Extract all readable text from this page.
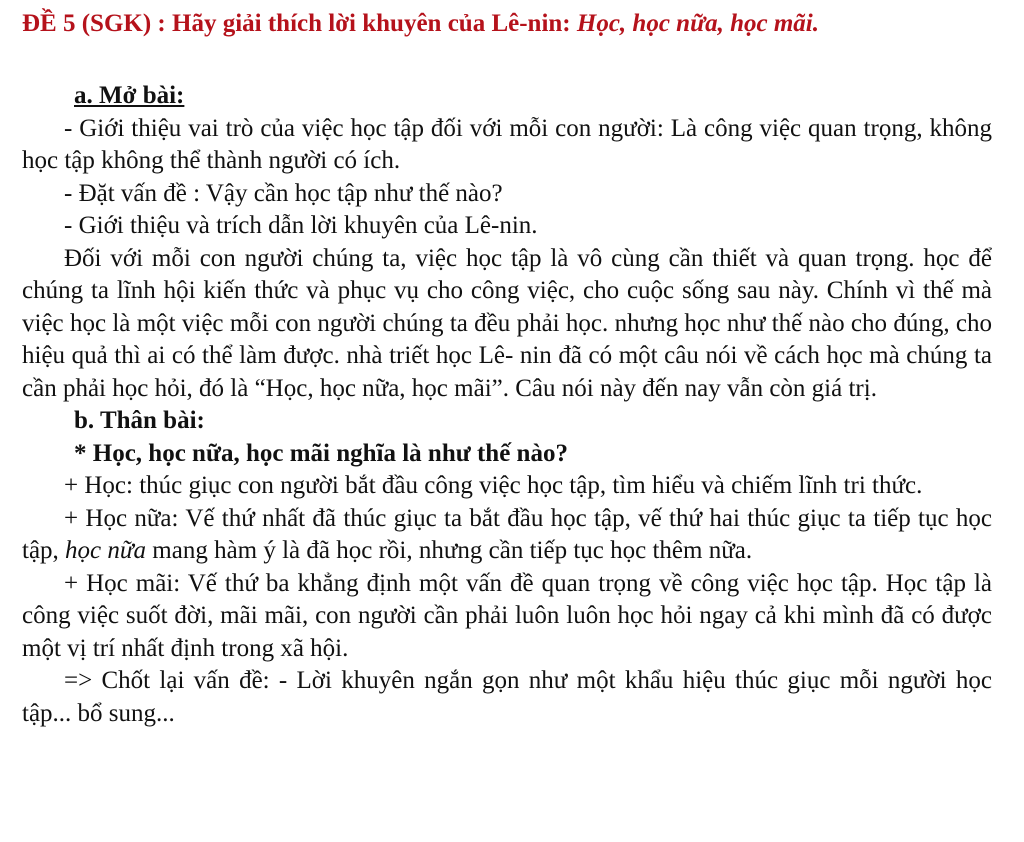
ĐỀ 5 (SGK) : Hãy giải thích lời khuyên của Lê-nin: Học, học nữa, học mãi.

a. Mở bài:

- Giới thiệu vai trò của việc học tập đối với mỗi con người: Là công việc quan trọng, không học tập không thể thành người có ích.

- Đặt vấn đề : Vậy cần học tập như thế nào?

- Giới thiệu và trích dẫn lời khuyên của Lê-nin.

Đối với mỗi con người chúng ta, việc học tập là vô cùng cần thiết và quan trọng. học để chúng ta lĩnh hội kiến thức và phục vụ cho công việc, cho cuộc sống sau này. Chính vì thế mà việc học là một việc mỗi con người chúng ta đều phải học. nhưng học như thế nào cho đúng, cho hiệu quả thì ai có thể làm được. nhà triết học Lê- nin đã có một câu nói về cách học mà chúng ta cần phải học hỏi, đó là “Học, học nữa, học mãi”. Câu nói này đến nay vẫn còn giá trị.

b. Thân bài:

* Học, học nữa, học mãi nghĩa là như thế nào?

+ Học: thúc giục con người bắt đầu công việc học tập, tìm hiểu và chiếm lĩnh tri thức.

+ Học nữa: Vế thứ nhất đã thúc giục ta bắt đầu học tập, vế thứ hai thúc giục ta tiếp tục học tập, học nữa mang hàm ý là đã học rồi, nhưng cần tiếp tục học thêm nữa.

+ Học mãi: Vế thứ ba khẳng định một vấn đề quan trọng về công việc học tập. Học tập là công việc suốt đời, mãi mãi, con người cần phải luôn luôn học hỏi ngay cả khi mình đã có được một vị trí nhất định trong xã hội.

=> Chốt lại vấn đề: - Lời khuyên ngắn gọn như một khẩu hiệu thúc giục mỗi người học tập... bổ sung...
